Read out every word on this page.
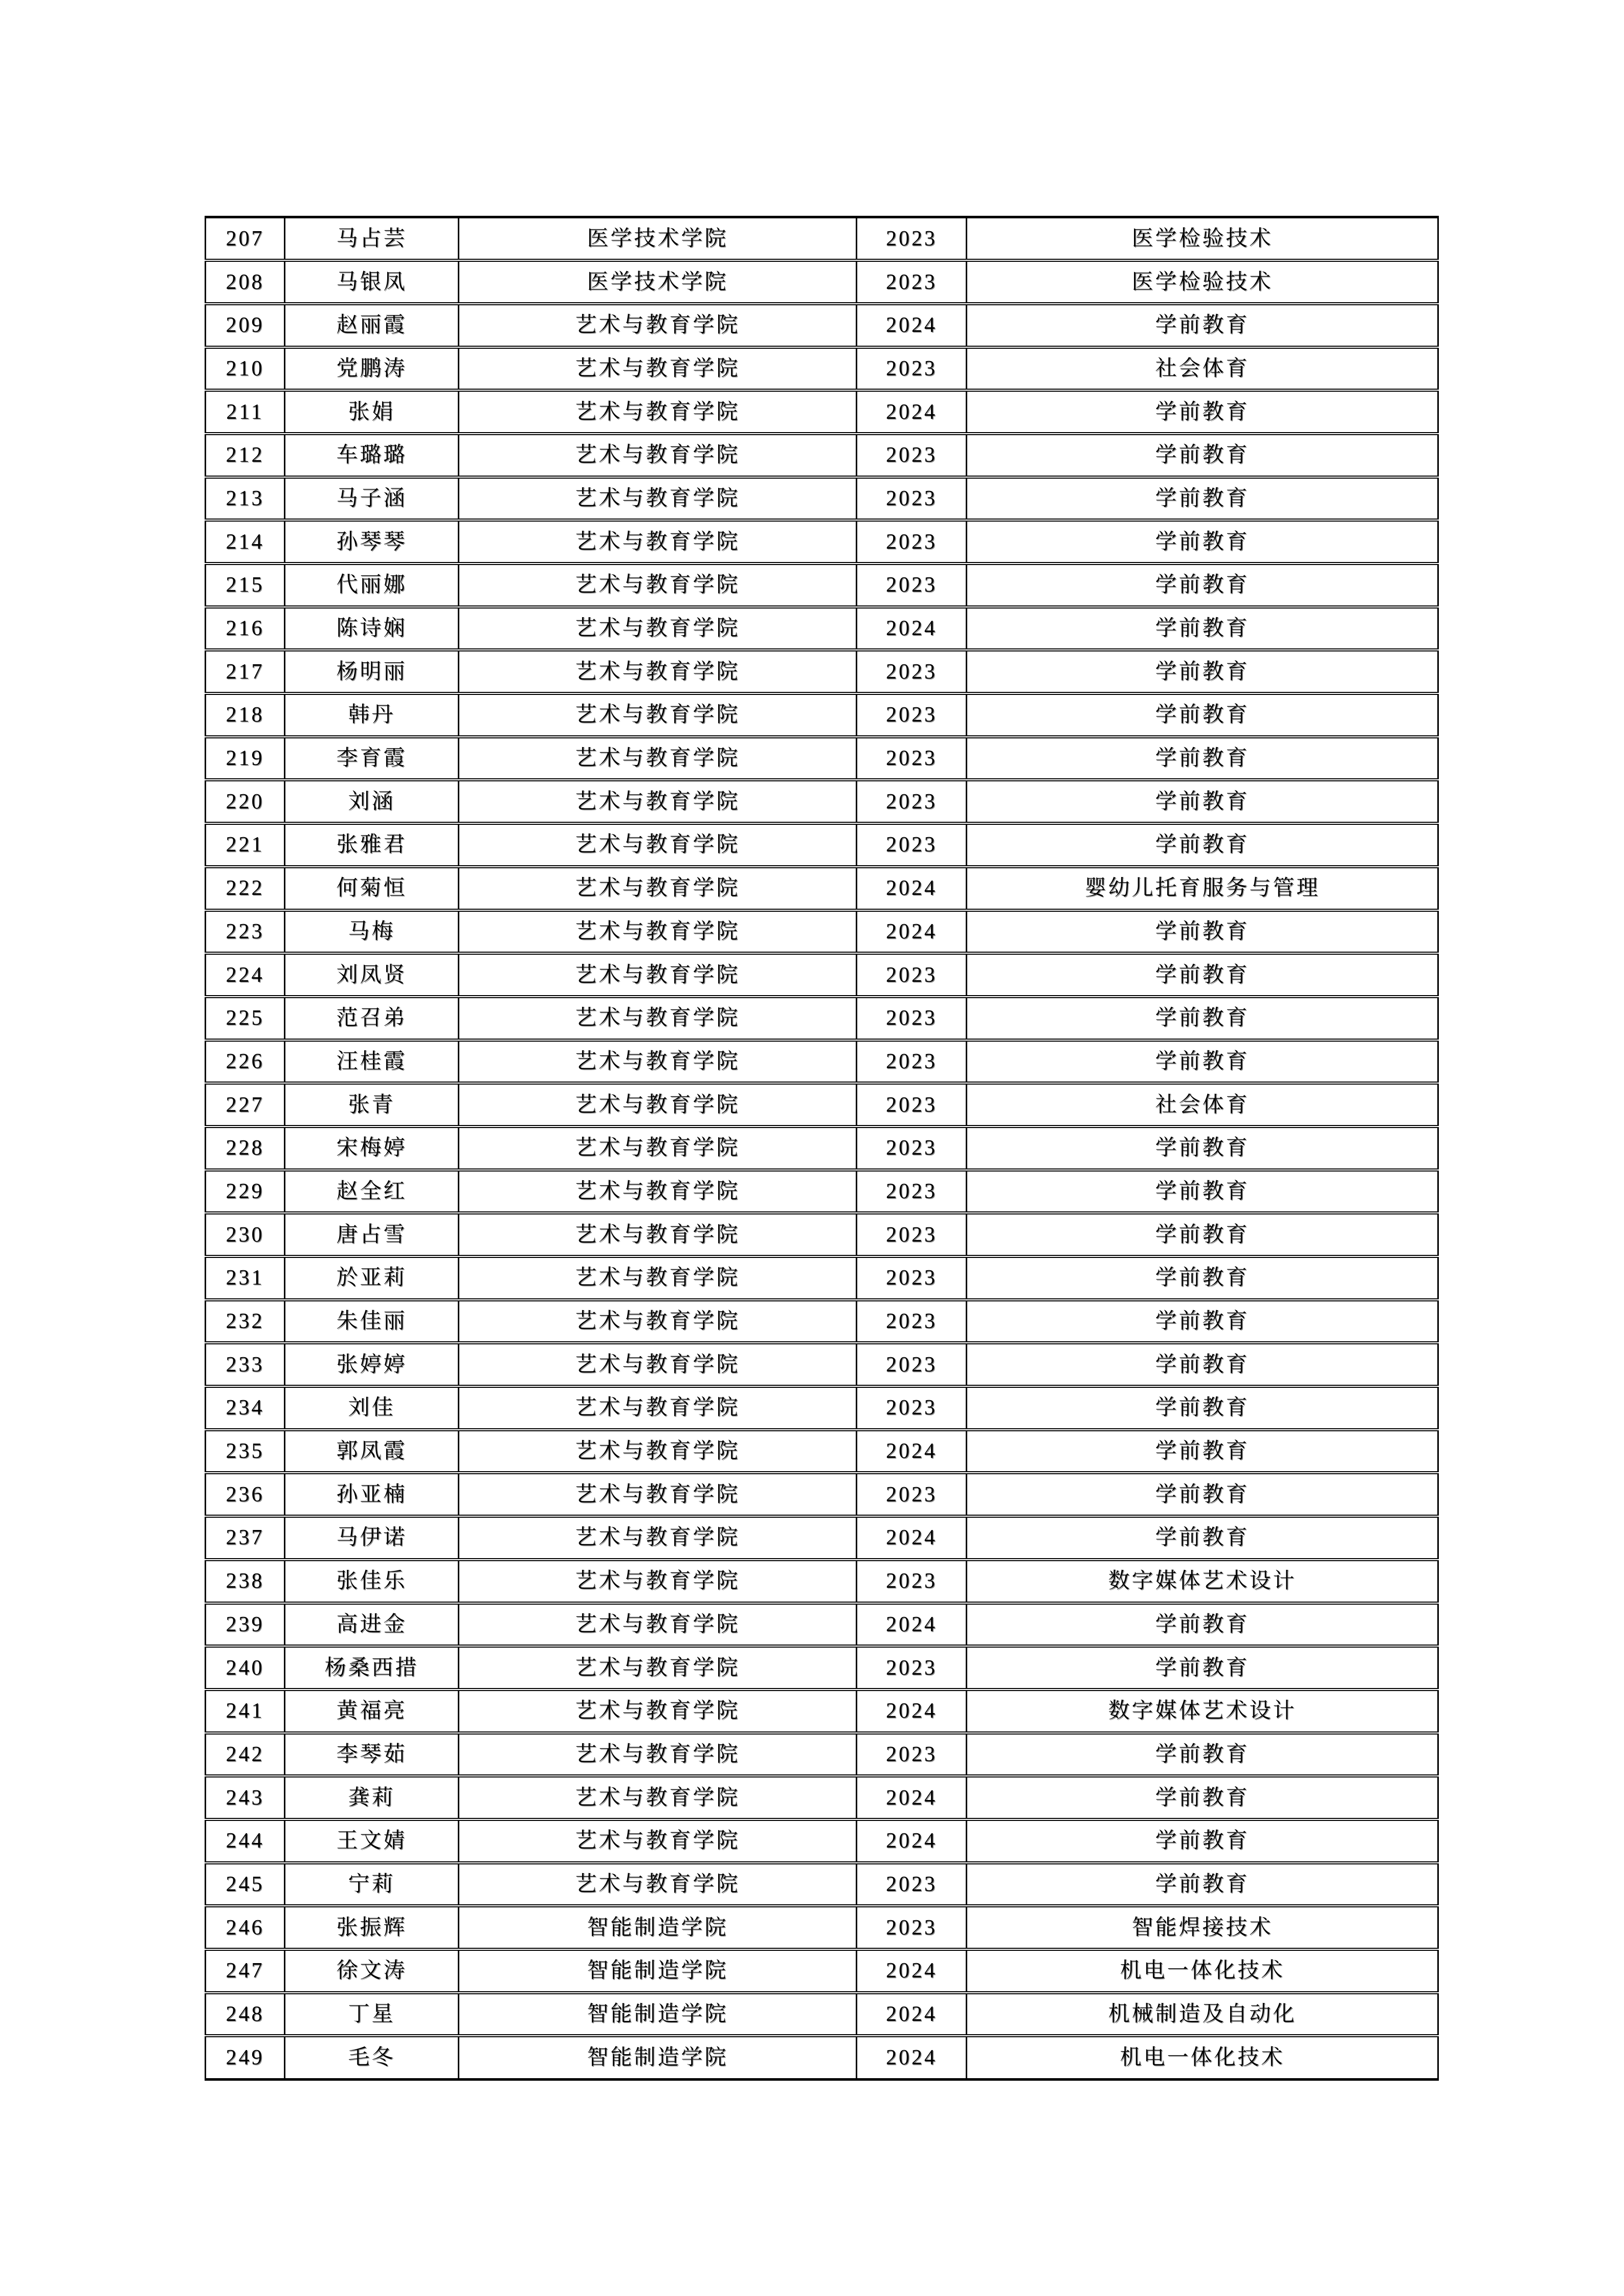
207	马占芸	医学技术学院	2023	医学检验技术
208	马银凤	医学技术学院	2023	医学检验技术
209	赵丽霞	艺术与教育学院	2024	学前教育
210	党鹏涛	艺术与教育学院	2023	社会体育
211	张娟	艺术与教育学院	2024	学前教育
212	车璐璐	艺术与教育学院	2023	学前教育
213	马子涵	艺术与教育学院	2023	学前教育
214	孙琴琴	艺术与教育学院	2023	学前教育
215	代丽娜	艺术与教育学院	2023	学前教育
216	陈诗娴	艺术与教育学院	2024	学前教育
217	杨明丽	艺术与教育学院	2023	学前教育
218	韩丹	艺术与教育学院	2023	学前教育
219	李育霞	艺术与教育学院	2023	学前教育
220	刘涵	艺术与教育学院	2023	学前教育
221	张雅君	艺术与教育学院	2023	学前教育
222	何菊恒	艺术与教育学院	2024	婴幼儿托育服务与管理
223	马梅	艺术与教育学院	2024	学前教育
224	刘凤贤	艺术与教育学院	2023	学前教育
225	范召弟	艺术与教育学院	2023	学前教育
226	汪桂霞	艺术与教育学院	2023	学前教育
227	张青	艺术与教育学院	2023	社会体育
228	宋梅婷	艺术与教育学院	2023	学前教育
229	赵全红	艺术与教育学院	2023	学前教育
230	唐占雪	艺术与教育学院	2023	学前教育
231	於亚莉	艺术与教育学院	2023	学前教育
232	朱佳丽	艺术与教育学院	2023	学前教育
233	张婷婷	艺术与教育学院	2023	学前教育
234	刘佳	艺术与教育学院	2023	学前教育
235	郭凤霞	艺术与教育学院	2024	学前教育
236	孙亚楠	艺术与教育学院	2023	学前教育
237	马伊诺	艺术与教育学院	2024	学前教育
238	张佳乐	艺术与教育学院	2023	数字媒体艺术设计
239	高进金	艺术与教育学院	2024	学前教育
240	杨桑西措	艺术与教育学院	2023	学前教育
241	黄福亮	艺术与教育学院	2024	数字媒体艺术设计
242	李琴茹	艺术与教育学院	2023	学前教育
243	龚莉	艺术与教育学院	2024	学前教育
244	王文婧	艺术与教育学院	2024	学前教育
245	宁莉	艺术与教育学院	2023	学前教育
246	张振辉	智能制造学院	2023	智能焊接技术
247	徐文涛	智能制造学院	2024	机电一体化技术
248	丁星	智能制造学院	2024	机械制造及自动化
249	毛冬	智能制造学院	2024	机电一体化技术
